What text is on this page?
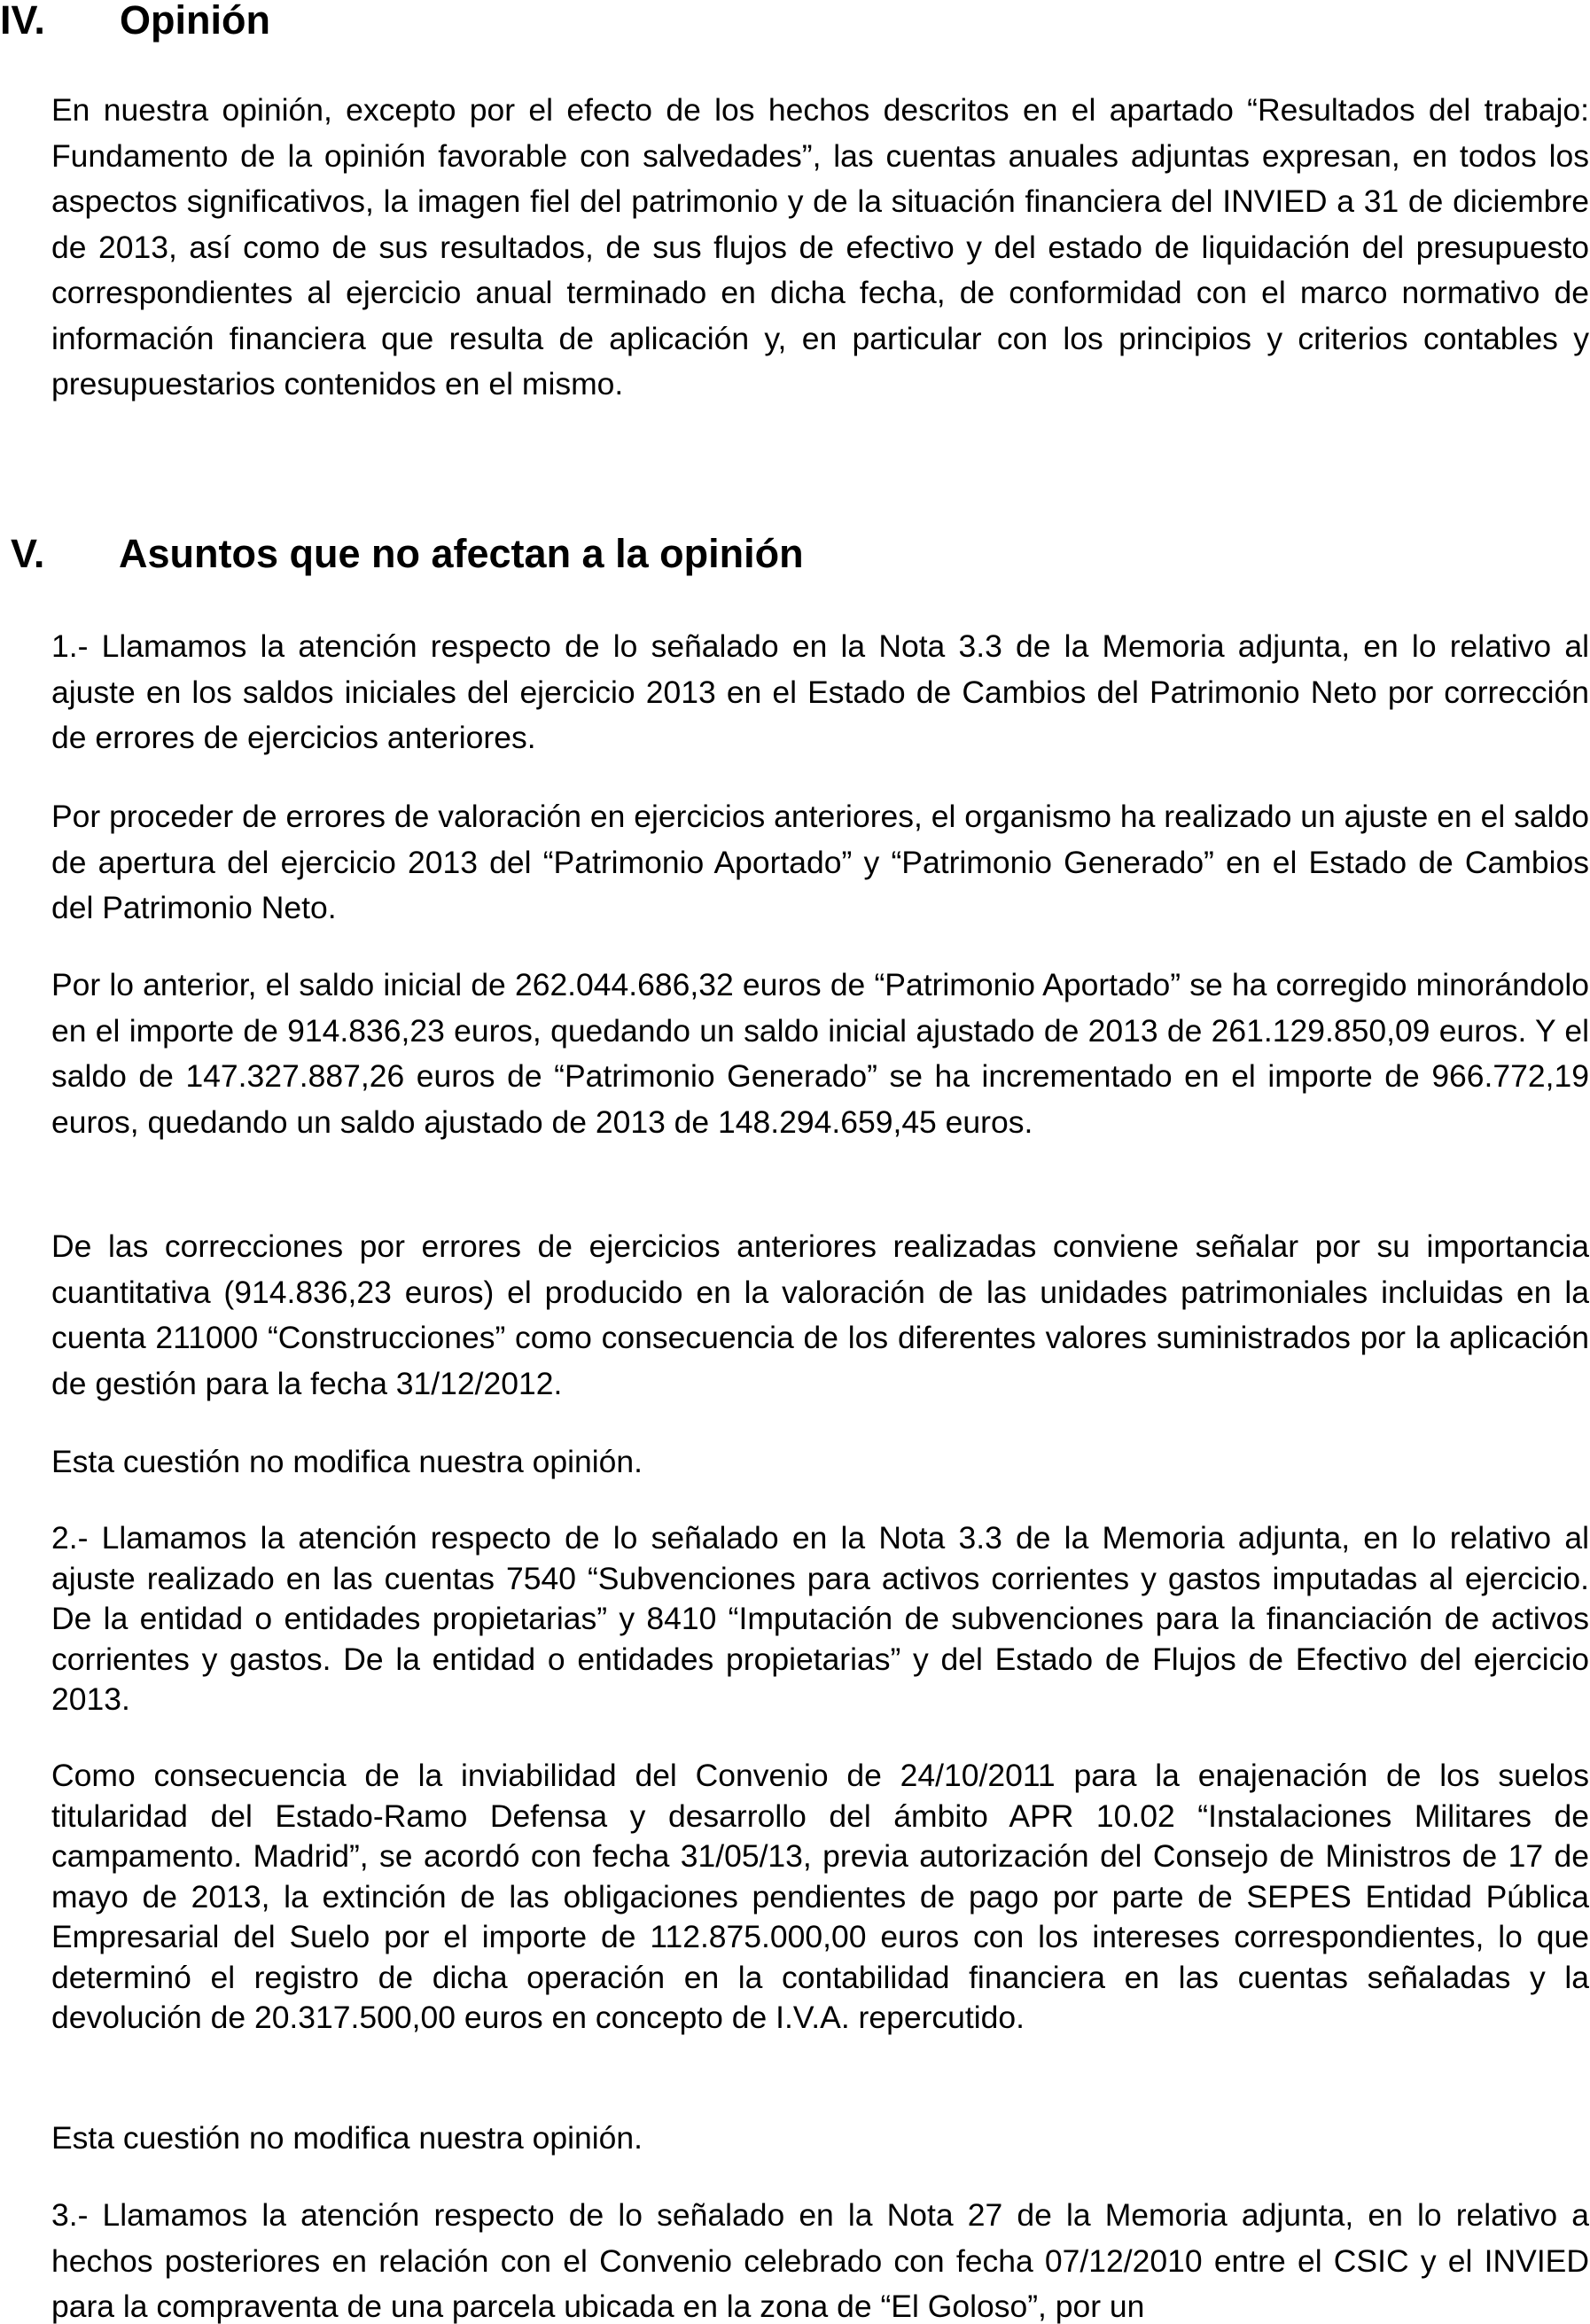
IV. Opinión

En nuestra opinión, excepto por el efecto de los hechos descritos en el apartado “Resultados del trabajo: Fundamento de la opinión favorable con salvedades”, las cuentas anuales adjuntas expresan, en todos los aspectos significativos, la imagen fiel del patrimonio y de la situación financiera del INVIED a 31 de diciembre de 2013, así como de sus resultados, de sus flujos de efectivo y del estado de liquidación del presupuesto correspondientes al ejercicio anual terminado en dicha fecha, de conformidad con el marco normativo de información financiera que resulta de aplicación y, en particular con los principios y criterios contables y presupuestarios contenidos en el mismo.

V. Asuntos que no afectan a la opinión

1.- Llamamos la atención respecto de lo señalado en la Nota 3.3 de la Memoria adjunta, en lo relativo al ajuste en los saldos iniciales del ejercicio 2013 en el Estado de Cambios del Patrimonio Neto por corrección de errores de ejercicios anteriores.

Por proceder de errores de valoración en ejercicios anteriores, el organismo ha realizado un ajuste en el saldo de apertura del ejercicio 2013 del “Patrimonio Aportado” y “Patrimonio Generado” en el Estado de Cambios del Patrimonio Neto.

Por lo anterior, el saldo inicial de 262.044.686,32 euros de “Patrimonio Aportado” se ha corregido minorándolo en el importe de 914.836,23 euros, quedando un saldo inicial ajustado de 2013 de 261.129.850,09 euros. Y el saldo de 147.327.887,26 euros de “Patrimonio Generado” se ha incrementado en el importe de 966.772,19 euros, quedando un saldo ajustado de 2013 de 148.294.659,45 euros.

De las correcciones por errores de ejercicios anteriores realizadas conviene señalar por su importancia cuantitativa (914.836,23 euros) el producido en la valoración de las unidades patrimoniales incluidas en la cuenta 211000 “Construcciones” como consecuencia de los diferentes valores suministrados por la aplicación de gestión para la fecha 31/12/2012.

Esta cuestión no modifica nuestra opinión.

2.- Llamamos la atención respecto de lo señalado en la Nota 3.3 de la Memoria adjunta, en lo relativo al ajuste realizado en las cuentas 7540 “Subvenciones para activos corrientes y gastos imputadas al ejercicio. De la entidad o entidades propietarias” y 8410 “Imputación de subvenciones para la financiación de activos corrientes y gastos. De la entidad o entidades propietarias” y del Estado de Flujos de Efectivo del ejercicio 2013.

Como consecuencia de la inviabilidad del Convenio de 24/10/2011 para la enajenación de los suelos titularidad del Estado-Ramo Defensa y desarrollo del ámbito APR 10.02 “Instalaciones Militares de campamento. Madrid”, se acordó con fecha 31/05/13, previa autorización del Consejo de Ministros de 17 de mayo de 2013, la extinción de las obligaciones pendientes de pago por parte de SEPES Entidad Pública Empresarial del Suelo por el importe de 112.875.000,00 euros con los intereses correspondientes, lo que determinó el registro de dicha operación en la contabilidad financiera en las cuentas señaladas y la devolución de 20.317.500,00 euros en concepto de I.V.A. repercutido.

Esta cuestión no modifica nuestra opinión.

3.- Llamamos la atención respecto de lo señalado en la Nota 27 de la Memoria adjunta, en lo relativo a hechos posteriores en relación con el Convenio celebrado con fecha 07/12/2010 entre el CSIC y el INVIED para la compraventa de una parcela ubicada en la zona de “El Goloso”, por un
